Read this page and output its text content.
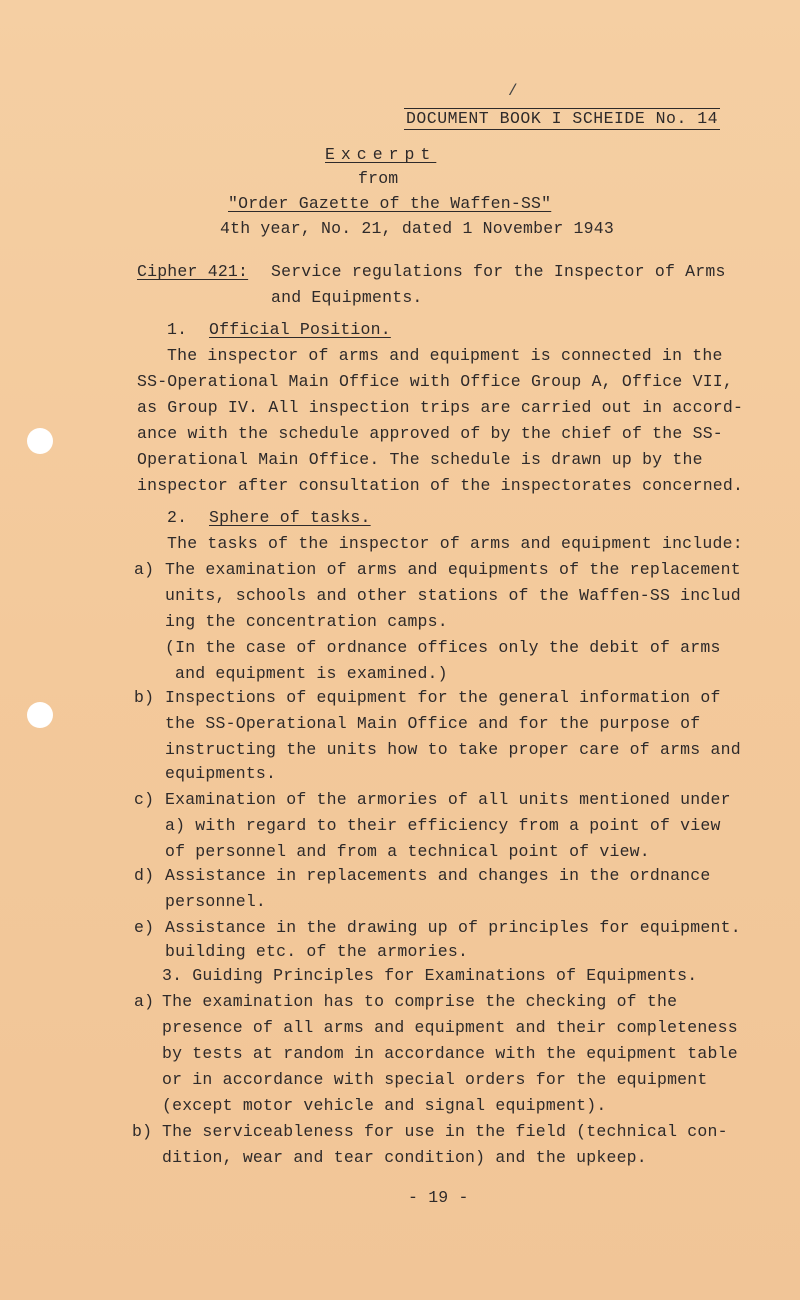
/
DOCUMENT BOOK I SCHEIDE No. 14
Excerpt
from
"Order Gazette of the Waffen-SS"
4th year, No. 21, dated 1 November 1943
Cipher 421: Service regulations for the Inspector of Arms
and Equipments.
1. Official Position.
The inspector of arms and equipment is connected in the
SS-Operational Main Office with Office Group A, Office VII,
as Group IV. All inspection trips are carried out in accord-
ance with the schedule approved of by the chief of the SS-
Operational Main Office. The schedule is drawn up by the
inspector after consultation of the inspectorates concerned.
2. Sphere of tasks.
The tasks of the inspector of arms and equipment include:
a) The examination of arms and equipments of the replacement
units, schools and other stations of the Waffen-SS includ
ing the concentration camps.
(In the case of ordnance offices only the debit of arms
and equipment is examined.)
b) Inspections of equipment for the general information of
the SS-Operational Main Office and for the purpose of
instructing the units how to take proper care of arms and
equipments.
c) Examination of the armories of all units mentioned under
a) with regard to their efficiency from a point of view
of personnel and from a technical point of view.
d) Assistance in replacements and changes in the ordnance
personnel.
e) Assistance in the drawing up of principles for equipment.
building etc. of the armories.
3. Guiding Principles for Examinations of Equipments.
a) The examination has to comprise the checking of the
presence of all arms and equipment and their completeness
by tests at random in accordance with the equipment table
or in accordance with special orders for the equipment
(except motor vehicle and signal equipment).
b) The serviceableness for use in the field (technical con-
dition, wear and tear condition) and the upkeep.
- 19 -
